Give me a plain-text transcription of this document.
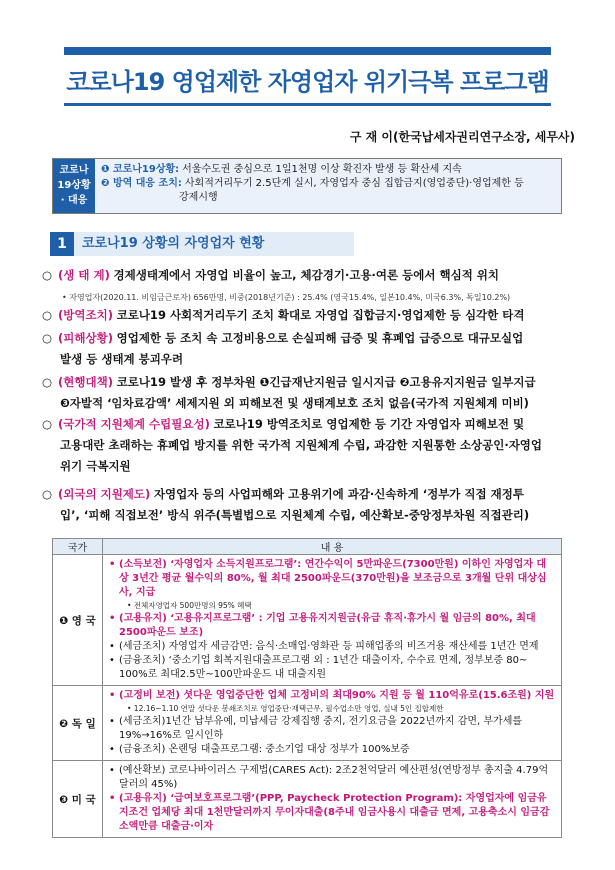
코로나19 영업제한 자영업자 위기극복 프로그램
구 재 이(한국납세자권리연구소장, 세무사)
코로나
19상황
· 대응
❶ 코로나19상황: 서울수도권 중심으로 1일1천명 이상 확진자 발생 등 확산세 지속
❷ 방역 대응 조치: 사회적거리두기 2.5단계 실시, 자영업자 중심 집합금지(영업중단)·영업제한 등
강제시행
1	코로나19 상황의 자영업자 현황
○ (생 태 계) 경제생태계에서 자영업 비율이 높고, 체감경기·고용·여론 등에서 핵심적 위치
• 자영업자(2020.11. 비임금근로자) 656만명, 비중(2018년기준) : 25.4% (영국15.4%, 일본10.4%, 미국6.3%, 독일10.2%)
○ (방역조치) 코로나19 사회적거리두기 조치 확대로 자영업 집합금지·영업제한 등 심각한 타격
○ (피해상황) 영업제한 등 조치 속 고정비용으로 손실피해 급증 및 휴폐업 급증으로 대규모실업
발생 등 생태계 붕괴우려
○ (현행대책) 코로나19 발생 후 정부차원 ❶긴급재난지원금 일시지급 ❷고용유지지원금 일부지급
❸자발적 ‘임차료감액’ 세제지원 외 피해보전 및 생태계보호 조치 없음(국가적 지원체계 미비)
○ (국가적 지원체계 수립필요성) 코로나19 방역조치로 영업제한 등 기간 자영업자 피해보전 및
고용대란 초래하는 휴폐업 방지를 위한 국가적 지원체계 수립, 과감한 지원통한 소상공인·자영업
위기 극복지원
○ (외국의 지원제도) 자영업자 등의 사업피해와 고용위기에 과감·신속하게 ‘정부가 직접 재정투
입’, ‘피해 직접보전’ 방식 위주(특별법으로 지원체계 수립, 예산확보-중앙정부차원 직접관리)
국가	내 용
❶ 영 국	• (소득보전) ‘자영업자 소득지원프로그램’: 연간수익이 5만파운드(7300만원) 이하인 자영업자 대상 3년간 평균 월수익의 80%, 월 최대 2500파운드(370만원)을 보조금으로 3개월 단위 대상심사, 지급
• 전체자영업자 500만명의 95% 혜택
• (고용유지) ‘고용유지프로그램’ : 기업 고용유지지원금(유급 휴직·휴가시 월 임금의 80%, 최대 2500파운드 보조)
• (세금조치) 자영업자 세금감면: 음식·소매업·영화관 등 피해업종의 비즈거용 재산세를 1년간 면제
• (금융조치) ‘중소기업 회복지원대출프로그램 외 : 1년간 대출이자, 수수료 면제, 정부보증 80~ 100%로 최대2.5만~100만파운드 내 대출지원

❷ 독 일	• (고정비 보전) 셧다운 영업중단한 업체 고정비의 최대90% 지원 등 월 110억유로(15.6조원) 지원
• 12.16~1.10 연말 셧다운 봉쇄조치로 영업중단·재택근무, 필수업소만 영업, 실내 5인 집합제한
• (세금조치)1년간 납부유예, 미납세금 강제집행 중지, 전기요금을 2022년까지 감면, 부가세를 19%→16%로 일시인하
• (금융조치) 온랜딩 대출프로그램: 중소기업 대상 정부가 100%보증

❸ 미 국	• (예산확보) 코로나바이러스 구제법(CARES Act): 2조2천억달러 예산편성(연방정부 총지출 4.79억달러의 45%)
• (고용유지) ‘급여보호프로그램’(PPP, Paycheck Protection Program): 자영업자에 임금유지조건 업체당 최대 1천만달러까지 무이자대출(8주내 임금사용시 대출금 면제, 고용축소시 임금감소액만큼 대출금·이자
